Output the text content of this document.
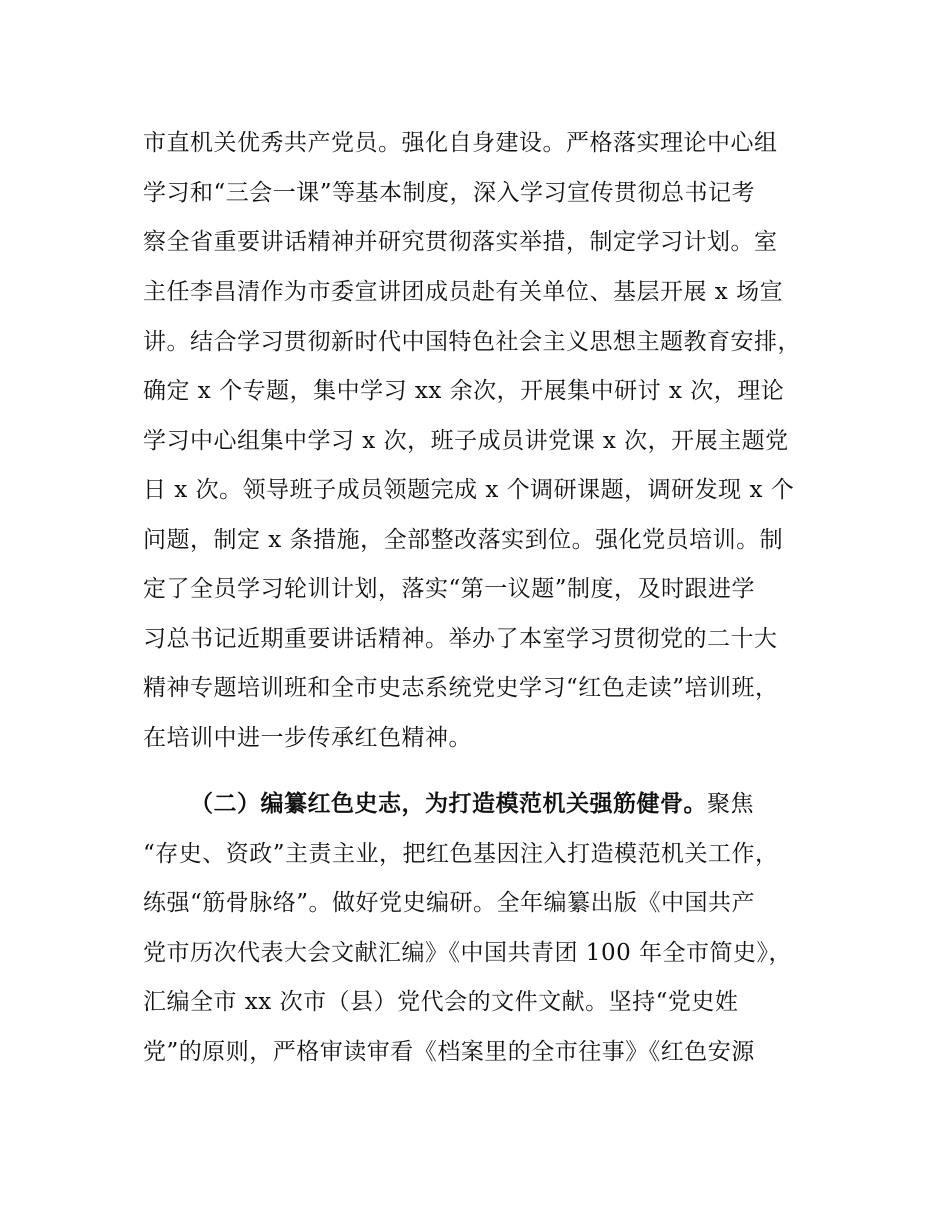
市直机关优秀共产党员。强化自身建设。严格落实理论中心组
学习和“三会一课”等基本制度，深入学习宣传贯彻总书记考
察全省重要讲话精神并研究贯彻落实举措，制定学习计划。室
主任李昌清作为市委宣讲团成员赴有关单位、基层开展 x 场宣
讲。结合学习贯彻新时代中国特色社会主义思想主题教育安排，
确定 x 个专题，集中学习 xx 余次，开展集中研讨 x 次，理论
学习中心组集中学习 x 次，班子成员讲党课 x 次，开展主题党
日 x 次。领导班子成员领题完成 x 个调研课题，调研发现 x 个
问题，制定 x 条措施，全部整改落实到位。强化党员培训。制
定了全员学习轮训计划，落实“第一议题”制度，及时跟进学
习总书记近期重要讲话精神。举办了本室学习贯彻党的二十大
精神专题培训班和全市史志系统党史学习“红色走读”培训班，
在培训中进一步传承红色精神。
（二）编纂红色史志，为打造模范机关强筋健骨。聚焦
“存史、资政”主责主业，把红色基因注入打造模范机关工作，
练强“筋骨脉络”。做好党史编研。全年编纂出版《中国共产
党市历次代表大会文献汇编》《中国共青团 100 年全市简史》，
汇编全市 xx 次市（县）党代会的文件文献。坚持“党史姓
党”的原则，严格审读审看《档案里的全市往事》《红色安源
